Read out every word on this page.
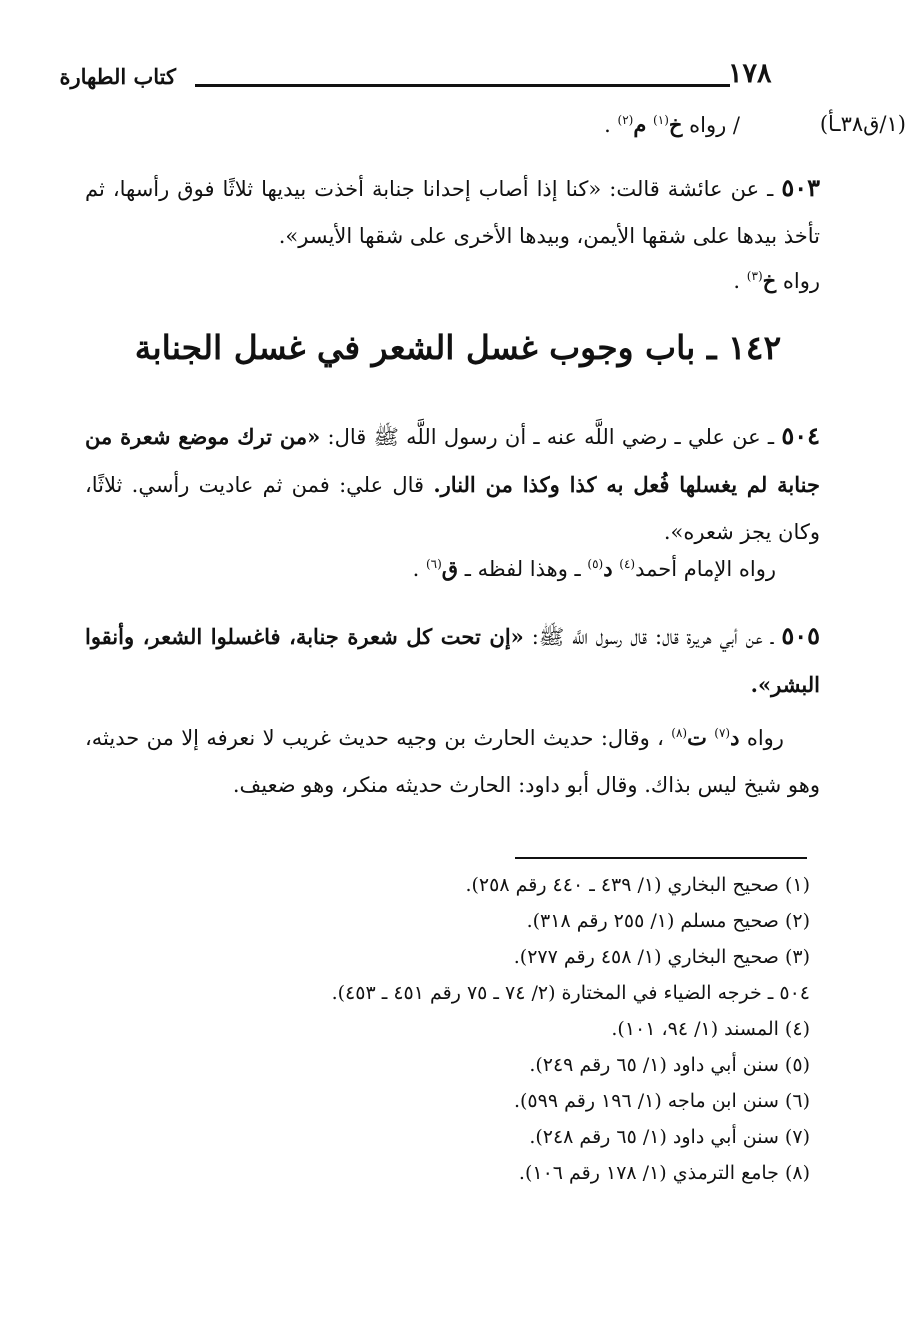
١٧٨
كتاب الطهارة
(١/ق٣٨ـأ)
/ رواه خ$^{(١)}$ م$^{(٢)}$ .
٥٠٣ ـ عن عائشة قالت: «كنا إذا أصاب إحدانا جنابة أخذت بيديها ثلاثًا فوق رأسها، ثم تأخذ بيدها على شقها الأيمن، وبيدها الأخرى على شقها الأيسر».
رواه خ$^{(٣)}$ .
١٤٢ ـ باب وجوب غسل الشعر في غسل الجنابة
٥٠٤ ـ عن علي ـ رضي اللَّه عنه ـ أن رسول اللَّه ﷺ قال: «من ترك موضع شعرة من جنابة لم يغسلها فُعل به كذا وكذا من النار. قال علي: فمن ثم عاديت رأسي. ثلاثًا، وكان يجز شعره».
رواه الإمام أحمد$^{(٤)}$ د$^{(٥)}$ ـ وهذا لفظه ـ ق$^{(٦)}$ .
٥٠٥ ـ عن أبي هريرة قال: قال رسول اللَّه ﷺ: «إن تحت كل شعرة جنابة، فاغسلوا الشعر، وأنقوا البشر».
رواه د$^{(٧)}$ ت$^{(٨)}$ ، وقال: حديث الحارث بن وجيه حديث غريب لا نعرفه إلا من حديثه، وهو شيخ ليس بذاك. وقال أبو داود: الحارث حديثه منكر، وهو ضعيف.
(١) صحيح البخاري (١/ ٤٣٩ ـ ٤٤٠ رقم ٢٥٨).
(٢) صحيح مسلم (١/ ٢٥٥ رقم ٣١٨).
(٣) صحيح البخاري (١/ ٤٥٨ رقم ٢٧٧).
٥٠٤ ـ خرجه الضياء في المختارة (٢/ ٧٤ ـ ٧٥ رقم ٤٥١ ـ ٤٥٣).
(٤) المسند (١/ ٩٤، ١٠١).
(٥) سنن أبي داود (١/ ٦٥ رقم ٢٤٩).
(٦) سنن ابن ماجه (١/ ١٩٦ رقم ٥٩٩).
(٧) سنن أبي داود (١/ ٦٥ رقم ٢٤٨).
(٨) جامع الترمذي (١/ ١٧٨ رقم ١٠٦).
